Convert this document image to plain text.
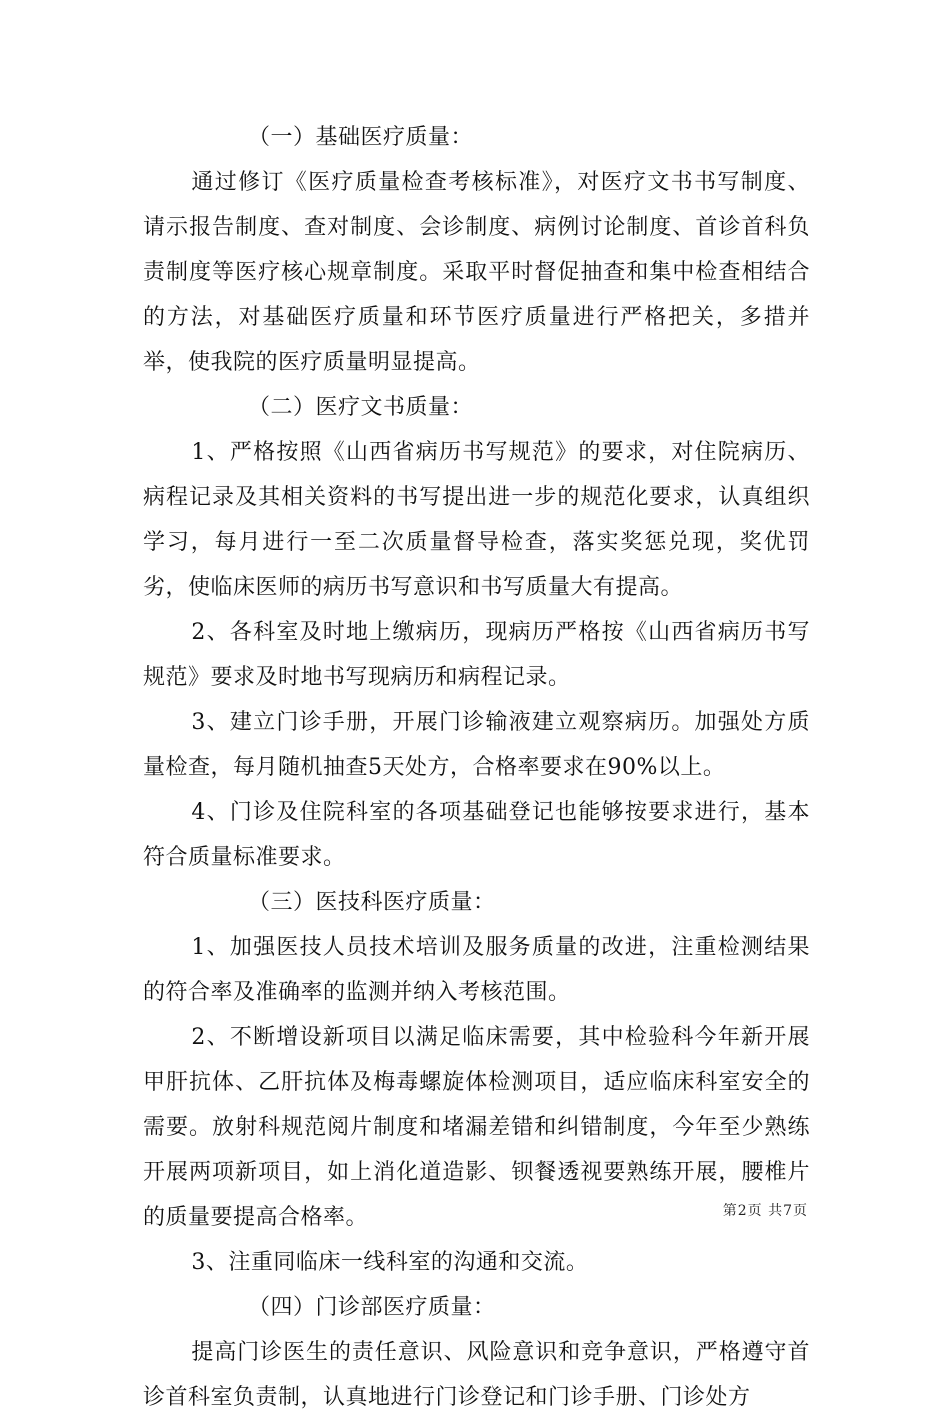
（一）基础医疗质量：

通过修订《医疗质量检查考核标准》，对医疗文书书写制度、请示报告制度、查对制度、会诊制度、病例讨论制度、首诊首科负责制度等医疗核心规章制度。采取平时督促抽查和集中检查相结合的方法，对基础医疗质量和环节医疗质量进行严格把关，多措并举，使我院的医疗质量明显提高。

（二）医疗文书质量：

1、严格按照《山西省病历书写规范》的要求，对住院病历、病程记录及其相关资料的书写提出进一步的规范化要求，认真组织学习，每月进行一至二次质量督导检查，落实奖惩兑现，奖优罚劣，使临床医师的病历书写意识和书写质量大有提高。

2、各科室及时地上缴病历，现病历严格按《山西省病历书写规范》要求及时地书写现病历和病程记录。

3、建立门诊手册，开展门诊输液建立观察病历。加强处方质量检查，每月随机抽查5天处方，合格率要求在90%以上。

4、门诊及住院科室的各项基础登记也能够按要求进行，基本符合质量标准要求。

（三）医技科医疗质量：

1、加强医技人员技术培训及服务质量的改进，注重检测结果的符合率及准确率的监测并纳入考核范围。

2、不断增设新项目以满足临床需要，其中检验科今年新开展甲肝抗体、乙肝抗体及梅毒螺旋体检测项目，适应临床科室安全的需要。放射科规范阅片制度和堵漏差错和纠错制度，今年至少熟练开展两项新项目，如上消化道造影、钡餐透视要熟练开展，腰椎片的质量要提高合格率。

3、注重同临床一线科室的沟通和交流。

（四）门诊部医疗质量：

提高门诊医生的责任意识、风险意识和竞争意识，严格遵守首诊首科室负责制，认真地进行门诊登记和门诊手册、门诊处方

第2页 共7页
